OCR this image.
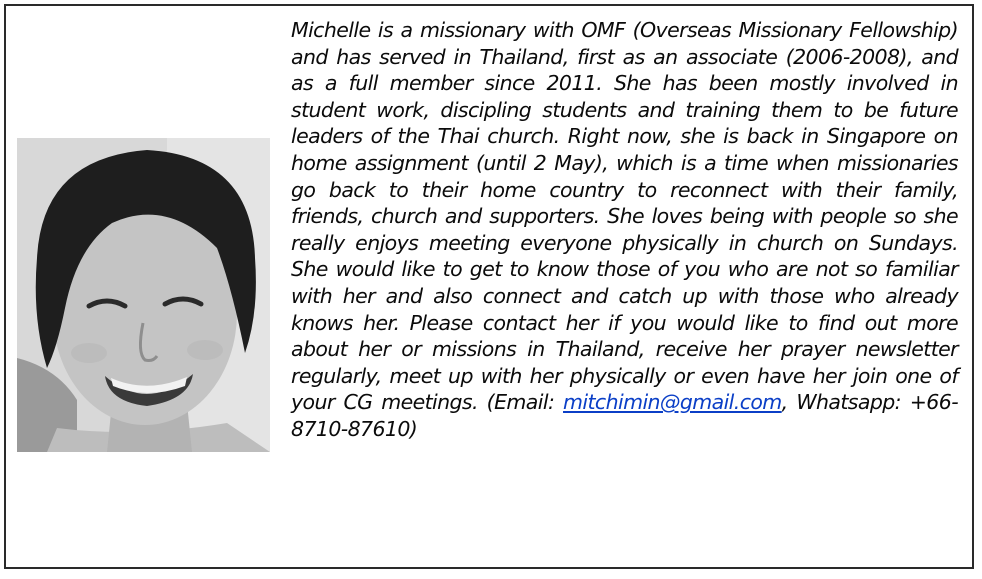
Michelle is a missionary with OMF (Overseas Missionary Fellowship) and has served in Thailand, first as an associate (2006-2008), and as a full member since 2011. She has been mostly involved in student work, discipling students and training them to be future leaders of the Thai church. Right now, she is back in Singapore on home assignment (until 2 May), which is a time when missionaries go back to their home country to reconnect with their family, friends, church and supporters. She loves being with people so she really enjoys meeting everyone physically in church on Sundays. She would like to get to know those of you who are not so familiar with her and also connect and catch up with those who already knows her. Please contact her if you would like to find out more about her or missions in Thailand, receive her prayer newsletter regularly, meet up with her physically or even have her join one of your CG meetings. (Email: mitchimin@gmail.com, Whatsapp: +66-8710-87610)
